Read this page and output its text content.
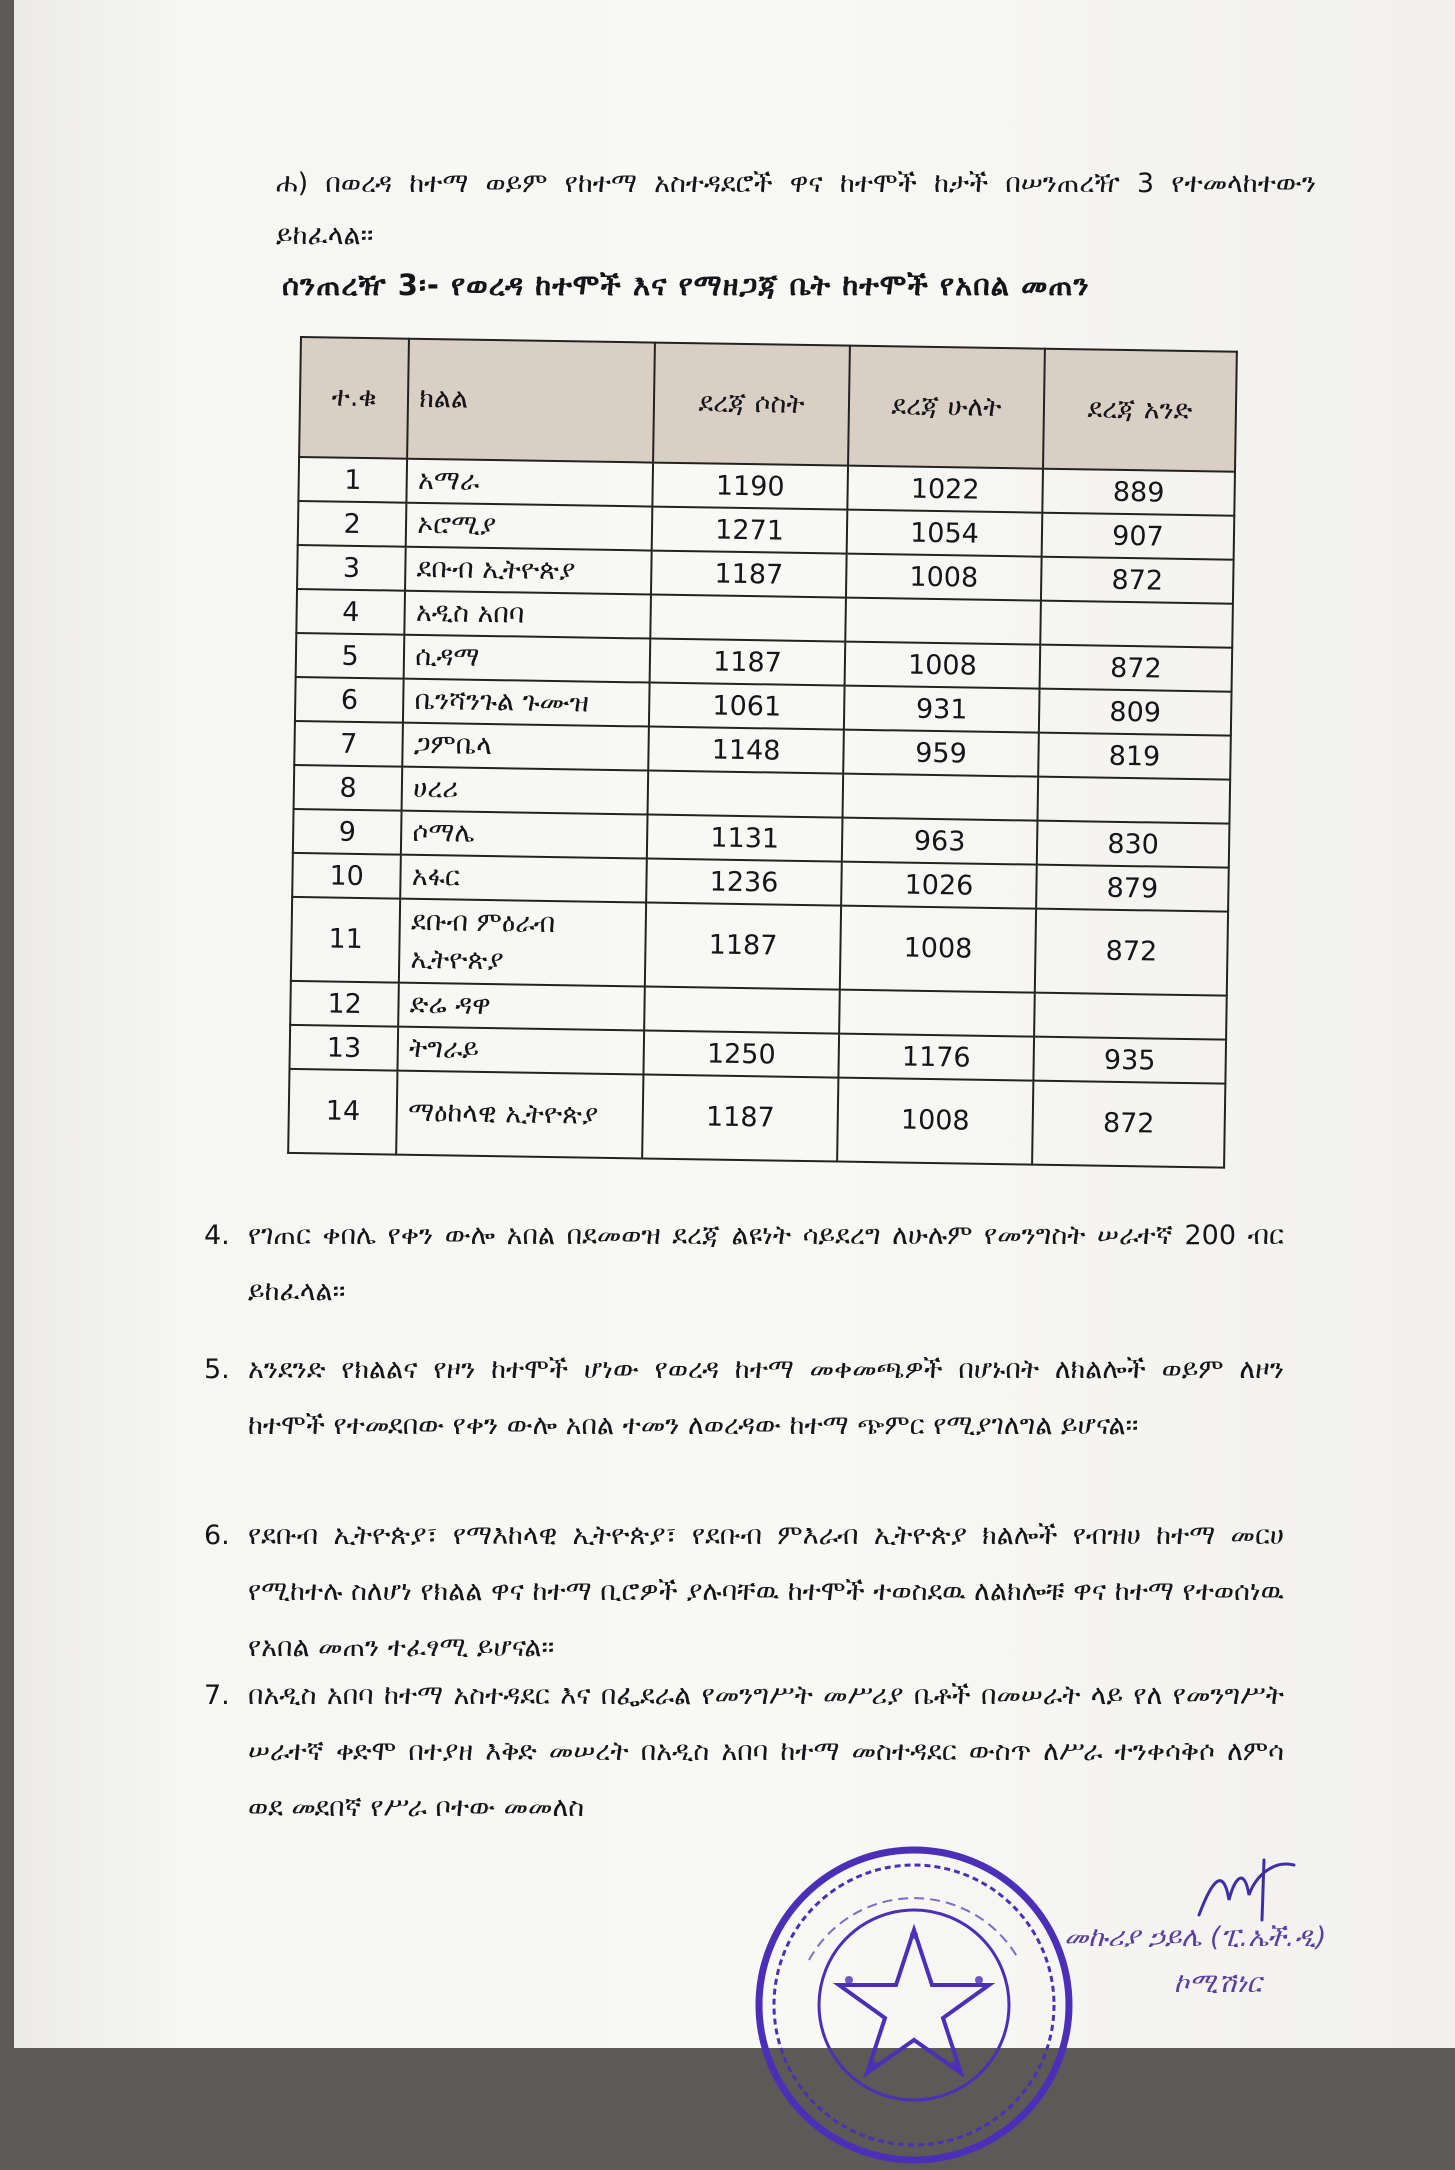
ሐ) በወረዳ ከተማ ወይም የከተማ አስተዳደሮች ዋና ከተሞች ከታች በሠንጠረዥ 3 የተመላከተውን ይከፈላል፡፡
ሰንጠረዥ 3፡- የወረዳ ከተሞች እና የማዘጋጃ ቤት ከተሞች የአበል መጠን
ተ.ቁ	ክልል	ደረጃ ሶስት	ደረጃ ሁለት	ደረጃ አንድ
1	አማራ	1190	1022	889
2	ኦሮሚያ	1271	1054	907
3	ደቡብ ኢትዮጵያ	1187	1008	872
4	አዲስ አበባ			
5	ሲዳማ	1187	1008	872
6	ቤንሻንጉል ጉሙዝ	1061	931	809
7	ጋምቤላ	1148	959	819
8	ሀረሪ			
9	ሶማሌ	1131	963	830
10	አፋር	1236	1026	879
11	ደቡብ ምዕራብ ኢትዮጵያ	1187	1008	872
12	ድሬ ዳዋ			
13	ትግራይ	1250	1176	935
14	ማዕከላዊ ኢትዮጵያ	1187	1008	872
4. የገጠር ቀበሌ የቀን ውሎ አበል በደመወዝ ደረጃ ልዩነት ሳይደረግ ለሁሉም የመንግስት ሠራተኛ 200 ብር ይከፈላል፡፡
5. አንደንድ የክልልና የዞን ከተሞች ሆነው የወረዳ ከተማ መቀመጫዎች በሆኑበት ለክልሎች ወይም ለዞን ከተሞች የተመደበው የቀን ውሎ አበል ተመን ለወረዳው ከተማ ጭምር የሚያገለግል ይሆናል፡፡
6. የደቡብ ኢትዮጵያ፣ የማእከላዊ ኢትዮጵያ፣ የደቡብ ምእራብ ኢትዮጵያ ክልሎች የብዝሀ ከተማ መርሀ የሚከተሉ ስለሆነ የክልል ዋና ከተማ ቢሮዎች ያሉባቸዉ ከተሞች ተወስደዉ ለልክሎቹ ዋና ከተማ የተወሰነዉ የአበል መጠን ተፈፃሚ ይሆናል፡፡
7. በአዲስ አበባ ከተማ አስተዳደር እና በፌደራል የመንግሥት መሥሪያ ቤቶች በመሠራት ላይ የለ የመንግሥት ሠራተኛ ቀድሞ በተያዘ እቅድ መሠረት በአዲስ አበባ ከተማ መስተዳደር ውስጥ ለሥራ ተንቀሳቅሶ ለምሳ ወደ መደበኛ የሥራ ቦተው መመለስ
መኩሪያ ኃይሌ (ፒ.ኤች.ዲ)
ኮሚሽነር
